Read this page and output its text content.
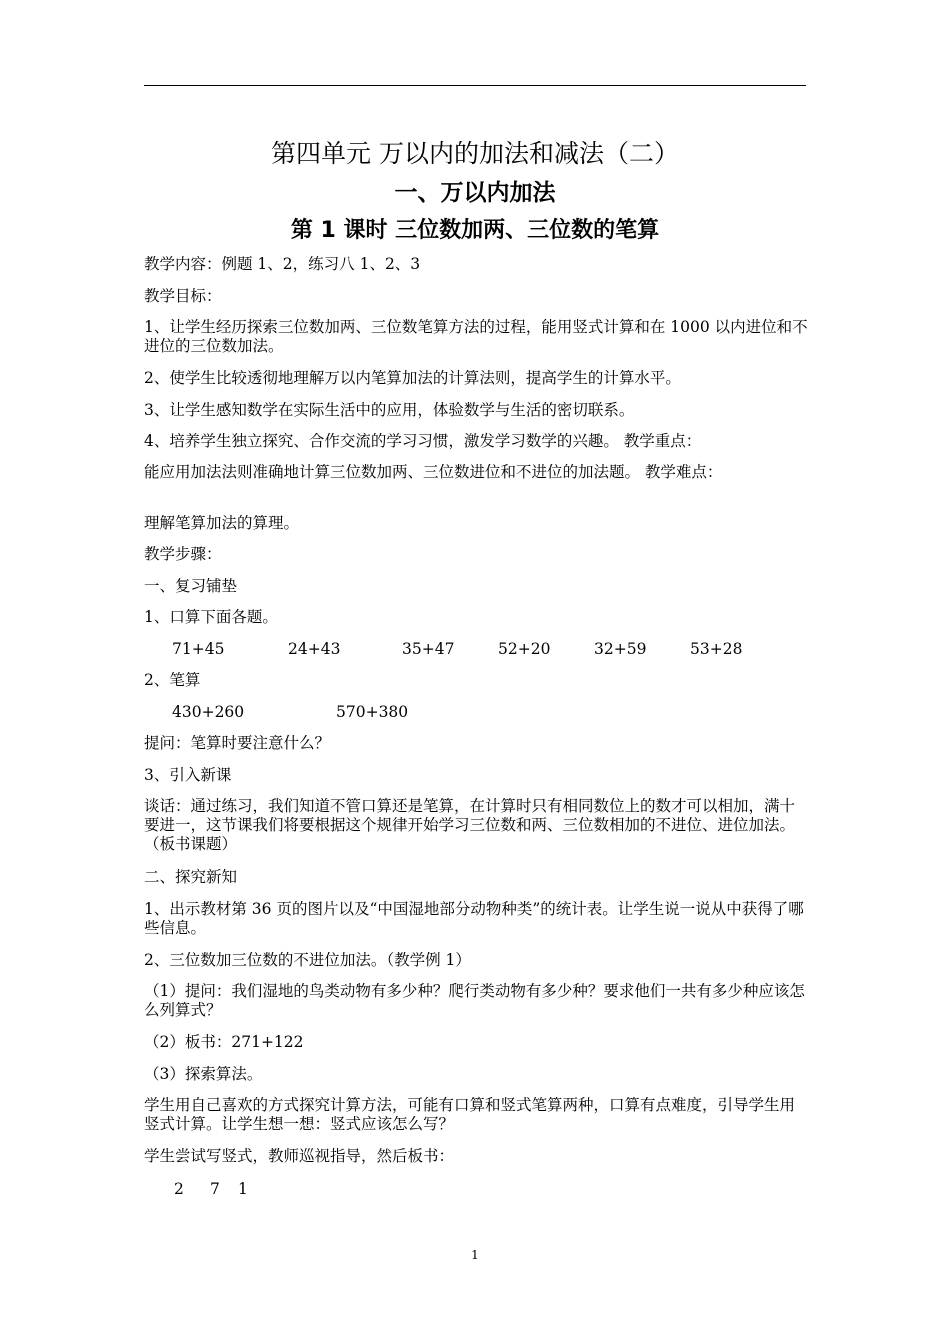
第四单元 万以内的加法和减法（二）
一、万以内加法
第 1 课时 三位数加两、三位数的笔算
教学内容：例题 1、2，练习八 1、2、3
教学目标：
1、让学生经历探索三位数加两、三位数笔算方法的过程，能用竖式计算和在 1000 以内进位和不进位的三位数加法。
2、使学生比较透彻地理解万以内笔算加法的计算法则，提高学生的计算水平。
3、让学生感知数学在实际生活中的应用，体验数学与生活的密切联系。
4、培养学生独立探究、合作交流的学习习惯，激发学习数学的兴趣。 教学重点：
能应用加法法则准确地计算三位数加两、三位数进位和不进位的加法题。 教学难点：
理解笔算加法的算理。
教学步骤：
一、复习铺垫
1、口算下面各题。
71+45	24+43	35+47	52+20	32+59	53+28
2、笔算
430+260	570+380
提问：笔算时要注意什么？
3、引入新课
谈话：通过练习，我们知道不管口算还是笔算，在计算时只有相同数位上的数才可以相加，满十要进一，这节课我们将要根据这个规律开始学习三位数和两、三位数相加的不进位、进位加法。（板书课题）
二、探究新知
1、出示教材第 36 页的图片以及“中国湿地部分动物种类”的统计表。让学生说一说从中获得了哪些信息。
2、三位数加三位数的不进位加法。（教学例 1）
（1）提问：我们湿地的鸟类动物有多少种？爬行类动物有多少种？要求他们一共有多少种应该怎么列算式？
（2）板书：271+122
（3）探索算法。
学生用自己喜欢的方式探究计算方法，可能有口算和竖式笔算两种，口算有点难度，引导学生用竖式计算。让学生想一想：竖式应该怎么写？
学生尝试写竖式，教师巡视指导，然后板书：
2 7 1
1
